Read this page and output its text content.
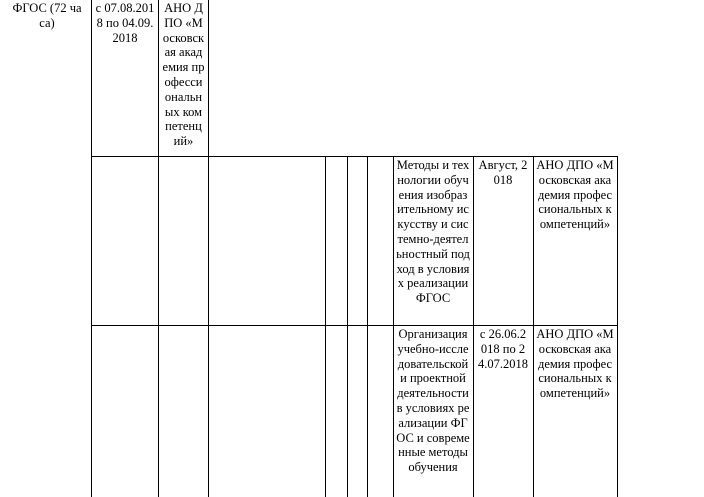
ФГОС (72 часа)
с 07.08.2018 по 04.09.2018
АНО ДПО «Московская академия профессиональных компетенций»
Методы и технологии обучения изобразительному искусству и системно-деятельностный подход в условиях реализации ФГОС
Август, 2018
АНО ДПО «Московская академия профессиональных компетенций»
Организация учебно-исследовательской и проектной деятельности в условиях реализации ФГОС и современные методы обучения
с 26.06.2018 по 24.07.2018
АНО ДПО «Московская академия профессиональных компетенций»
